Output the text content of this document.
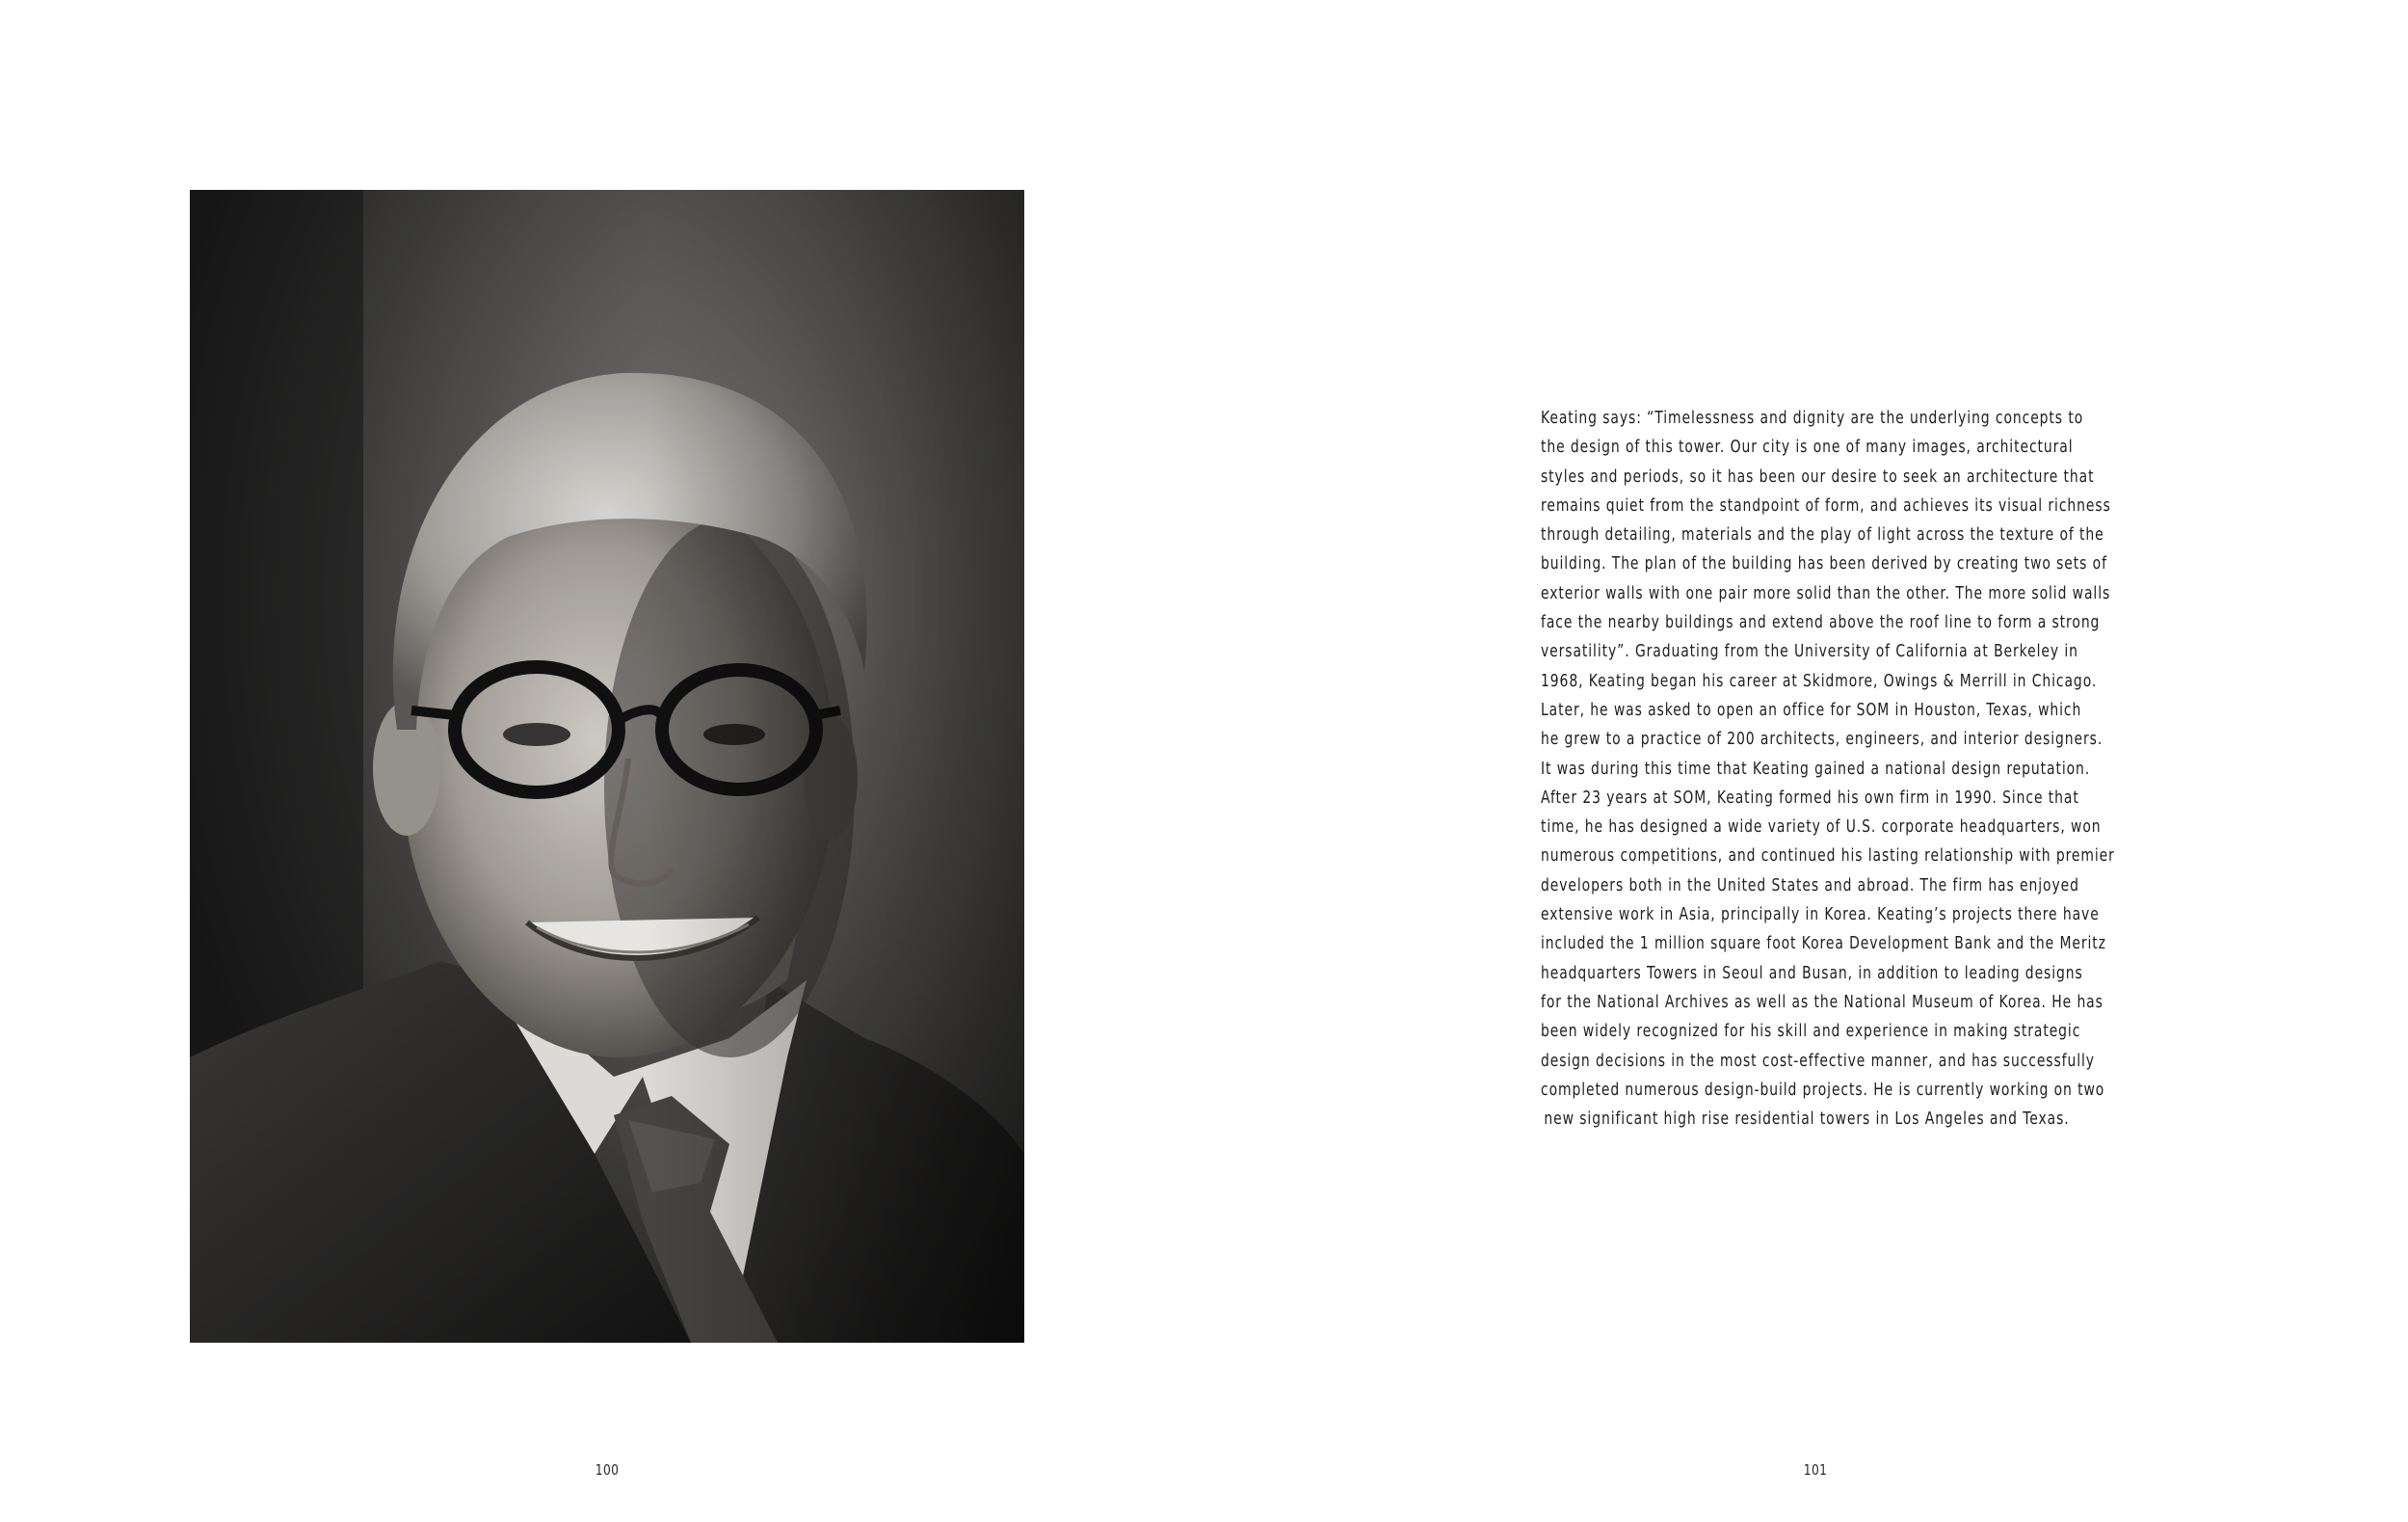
100
Keating says: “Timelessness and dignity are the underlying concepts to
the design of this tower. Our city is one of many images, architectural
styles and periods, so it has been our desire to seek an architecture that
remains quiet from the standpoint of form, and achieves its visual richness
through detailing, materials and the play of light across the texture of the
building. The plan of the building has been derived by creating two sets of
exterior walls with one pair more solid than the other. The more solid walls
face the nearby buildings and extend above the roof line to form a strong
versatility”. Graduating from the University of California at Berkeley in
1968, Keating began his career at Skidmore, Owings & Merrill in Chicago.
Later, he was asked to open an office for SOM in Houston, Texas, which
he grew to a practice of 200 architects, engineers, and interior designers.
It was during this time that Keating gained a national design reputation.
After 23 years at SOM, Keating formed his own firm in 1990. Since that
time, he has designed a wide variety of U.S. corporate headquarters, won
numerous competitions, and continued his lasting relationship with premier
developers both in the United States and abroad. The firm has enjoyed
extensive work in Asia, principally in Korea. Keating’s projects there have
included the 1 million square foot Korea Development Bank and the Meritz
headquarters Towers in Seoul and Busan, in addition to leading designs
for the National Archives as well as the National Museum of Korea. He has
been widely recognized for his skill and experience in making strategic
design decisions in the most cost-effective manner, and has successfully
completed numerous design-build projects. He is currently working on two
new significant high rise residential towers in Los Angeles and Texas.
101
